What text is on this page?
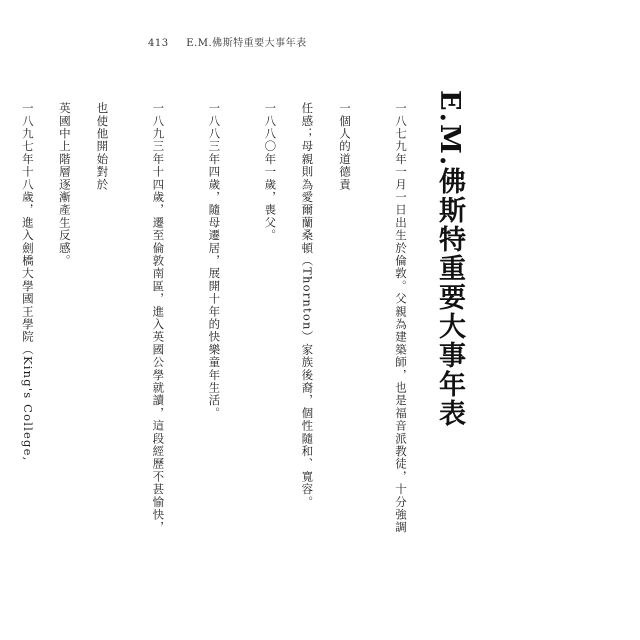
413 E.M.佛斯特重要大事年表
E.M.佛斯特重要大事年表
一八七九年一月一日出生於倫敦。父親為建築師，也是福音派教徒，十分強調一個人的道德責
任感；母親則為愛爾蘭桑頓（Thornton）家族後裔，個性隨和、寬容。
一八八〇年一歲，喪父。
一八八三年四歲，隨母遷居，展開十年的快樂童年生活。
一八九三年十四歲，遷至倫敦南區，進入英國公學就讀，這段經歷不甚愉快，也使他開始對於
英國中上階層逐漸產生反感。
一八九七年十八歲，進入劍橋大學國王學院（King's College,
